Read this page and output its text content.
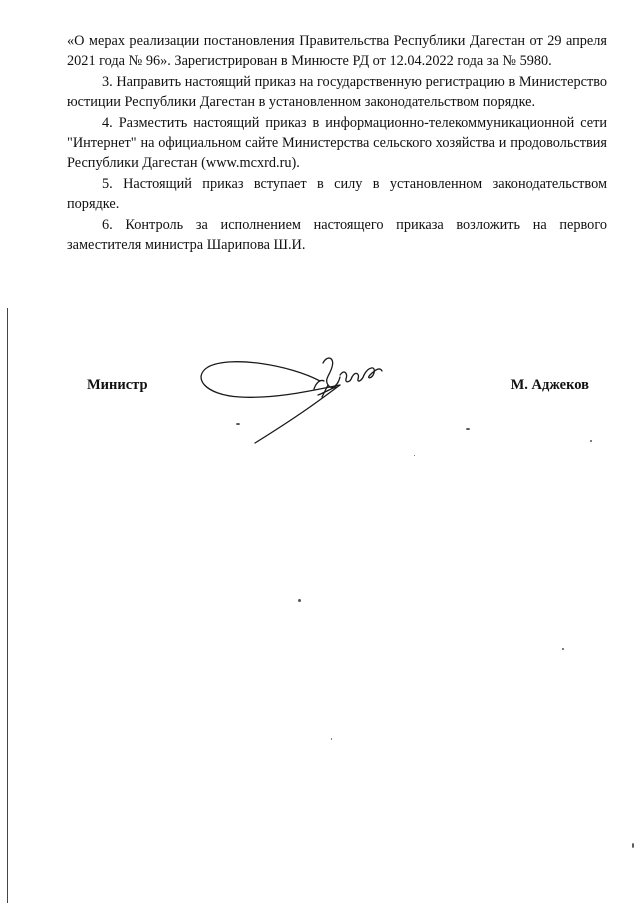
«О мерах реализации постановления Правительства Республики Дагестан от 29 апреля 2021 года № 96». Зарегистрирован в Минюсте РД от 12.04.2022 года за № 5980.

3. Направить настоящий приказ на государственную регистрацию в Министерство юстиции Республики Дагестан в установленном законодательством порядке.

4. Разместить настоящий приказ в информационно-телекоммуникационной сети "Интернет" на официальном сайте Министерства сельского хозяйства и продовольствия Республики Дагестан (www.mcxrd.ru).

5. Настоящий приказ вступает в силу в установленном законодательством порядке.

6. Контроль за исполнением настоящего приказа возложить на первого заместителя министра Шарипова Ш.И.

Министр	М. Аджеков
